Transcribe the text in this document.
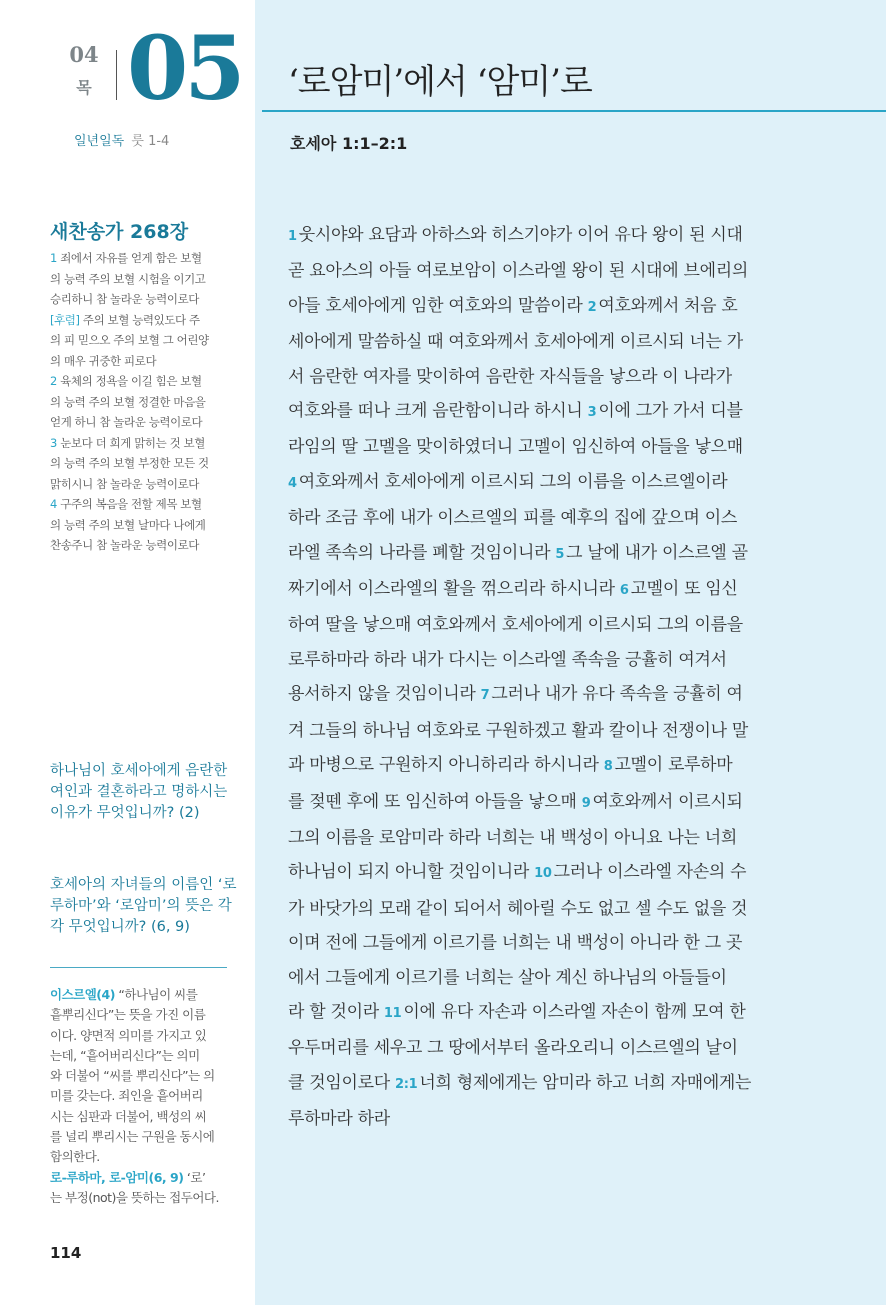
04
목 05
일년일독 룻 1-4
‘로암미’에서 ‘암미’로
호세아 1:1–2:1
새찬송가 268장
1 죄에서 자유를 얻게 함은 보혈
의 능력 주의 보혈 시험을 이기고
승리하니 참 놀라운 능력이로다
[후렴] 주의 보혈 능력있도다 주
의 피 믿으오 주의 보혈 그 어린양
의 매우 귀중한 피로다
2 육체의 정욕을 이길 힘은 보혈
의 능력 주의 보혈 정결한 마음을
얻게 하니 참 놀라운 능력이로다
3 눈보다 더 희게 맑히는 것 보혈
의 능력 주의 보혈 부정한 모든 것
맑히시니 참 놀라운 능력이로다
4 구주의 복음을 전할 제목 보혈
의 능력 주의 보혈 날마다 나에게
찬송주니 참 놀라운 능력이로다
하나님이 호세아에게 음란한 여인과 결혼하라고 명하시는 이유가 무엇입니까? (2)
호세아의 자녀들의 이름인 ‘로루하마’와 ‘로암미’의 뜻은 각각 무엇입니까? (6, 9)
이스르엘(4) “하나님이 씨를
흩뿌리신다”는 뜻을 가진 이름
이다. 양면적 의미를 가지고 있
는데, “흩어버리신다”는 의미
와 더불어 “씨를 뿌리신다”는 의
미를 갖는다. 죄인을 흩어버리
시는 심판과 더불어, 백성의 씨
를 널리 뿌리시는 구원을 동시에
함의한다.
로-루하마, 로-암미(6, 9) ‘로’
는 부정(not)을 뜻하는 접두어다.
114
1 웃시야와 요담과 아하스와 히스기야가 이어 유다 왕이 된 시대
곧 요아스의 아들 여로보암이 이스라엘 왕이 된 시대에 브에리의
아들 호세아에게 임한 여호와의 말씀이라 2 여호와께서 처음 호
세아에게 말씀하실 때 여호와께서 호세아에게 이르시되 너는 가
서 음란한 여자를 맞이하여 음란한 자식들을 낳으라 이 나라가
여호와를 떠나 크게 음란함이니라 하시니 3 이에 그가 가서 디블
라임의 딸 고멜을 맞이하였더니 고멜이 임신하여 아들을 낳으매
4 여호와께서 호세아에게 이르시되 그의 이름을 이스르엘이라
하라 조금 후에 내가 이스르엘의 피를 예후의 집에 갚으며 이스
라엘 족속의 나라를 폐할 것임이니라 5 그 날에 내가 이스르엘 골
짜기에서 이스라엘의 활을 꺾으리라 하시니라 6 고멜이 또 임신
하여 딸을 낳으매 여호와께서 호세아에게 이르시되 그의 이름을
로루하마라 하라 내가 다시는 이스라엘 족속을 긍휼히 여겨서
용서하지 않을 것임이니라 7 그러나 내가 유다 족속을 긍휼히 여
겨 그들의 하나님 여호와로 구원하겠고 활과 칼이나 전쟁이나 말
과 마병으로 구원하지 아니하리라 하시니라 8 고멜이 로루하마
를 젖뗀 후에 또 임신하여 아들을 낳으매 9 여호와께서 이르시되
그의 이름을 로암미라 하라 너희는 내 백성이 아니요 나는 너희
하나님이 되지 아니할 것임이니라 10 그러나 이스라엘 자손의 수
가 바닷가의 모래 같이 되어서 헤아릴 수도 없고 셀 수도 없을 것
이며 전에 그들에게 이르기를 너희는 내 백성이 아니라 한 그 곳
에서 그들에게 이르기를 너희는 살아 계신 하나님의 아들들이
라 할 것이라 11 이에 유다 자손과 이스라엘 자손이 함께 모여 한
우두머리를 세우고 그 땅에서부터 올라오리니 이스르엘의 날이
클 것임이로다 2:1 너희 형제에게는 암미라 하고 너희 자매에게는
루하마라 하라
